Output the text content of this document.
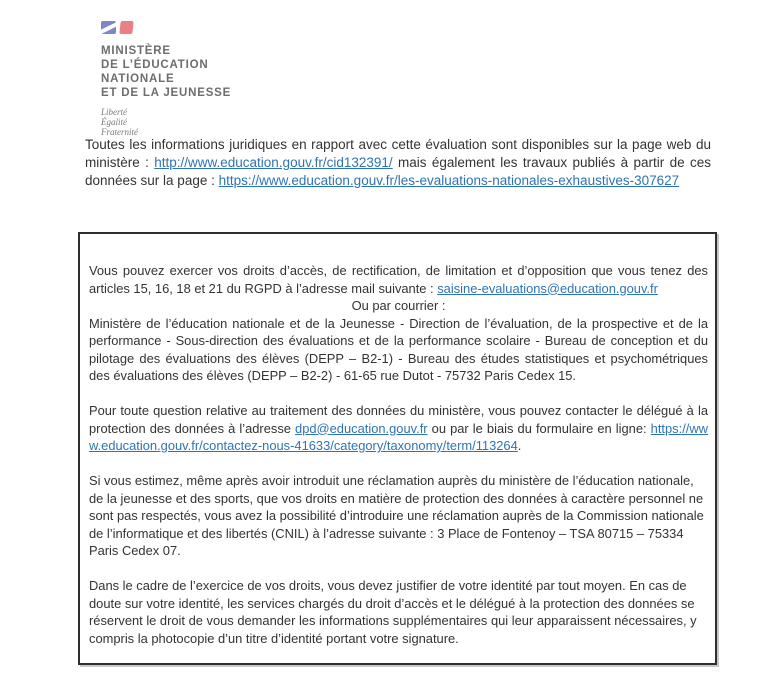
MINISTÈRE
DE L’ÉDUCATION
NATIONALE
ET DE LA JEUNESSE
Liberté
Égalité
Fraternité

Toutes les informations juridiques en rapport avec cette évaluation sont disponibles sur la page web du ministère : http://www.education.gouv.fr/cid132391/ mais également les travaux publiés à partir de ces données sur la page : https://www.education.gouv.fr/les-evaluations-nationales-exhaustives-307627

Vous pouvez exercer vos droits d’accès, de rectification, de limitation et d’opposition que vous tenez des articles 15, 16, 18 et 21 du RGPD à l’adresse mail suivante : saisine-evaluations@education.gouv.fr

Ou par courrier :

Ministère de l’éducation nationale et de la Jeunesse - Direction de l’évaluation, de la prospective et de la performance - Sous-direction des évaluations et de la performance scolaire - Bureau de conception et du pilotage des évaluations des élèves (DEPP – B2-1) - Bureau des études statistiques et psychométriques des évaluations des élèves (DEPP – B2-2) - 61-65 rue Dutot - 75732 Paris Cedex 15.

Pour toute question relative au traitement des données du ministère, vous pouvez contacter le délégué à la protection des données à l’adresse dpd@education.gouv.fr ou par le biais du formulaire en ligne: https://www.education.gouv.fr/contactez-nous-41633/category/taxonomy/term/113264.

Si vous estimez, même après avoir introduit une réclamation auprès du ministère de l’éducation nationale, de la jeunesse et des sports, que vos droits en matière de protection des données à caractère personnel ne sont pas respectés, vous avez la possibilité d’introduire une réclamation auprès de la Commission nationale de l’informatique et des libertés (CNIL) à l’adresse suivante : 3 Place de Fontenoy – TSA 80715 – 75334 Paris Cedex 07.

Dans le cadre de l’exercice de vos droits, vous devez justifier de votre identité par tout moyen. En cas de doute sur votre identité, les services chargés du droit d’accès et le délégué à la protection des données se réservent le droit de vous demander les informations supplémentaires qui leur apparaissent nécessaires, y compris la photocopie d’un titre d’identité portant votre signature.
